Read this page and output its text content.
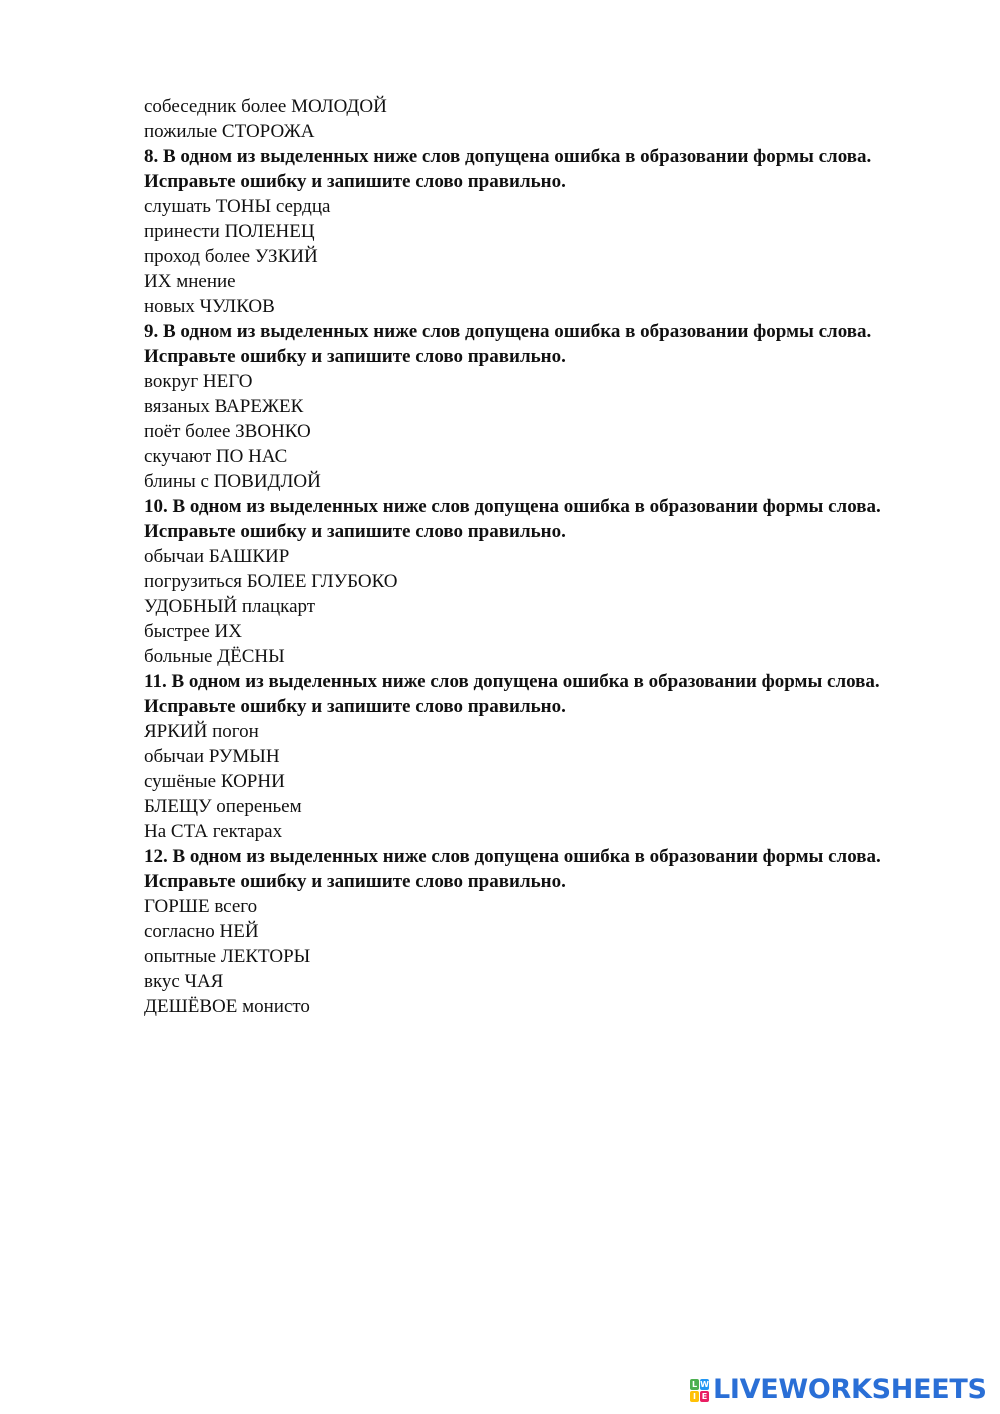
собеседник более МОЛОДОЙ
пожилые СТОРОЖА
8. В одном из выделенных ниже слов допущена ошибка в образовании формы слова.
Исправьте ошибку и запишите слово правильно.
слушать ТОНЫ сердца
принести ПОЛЕНЕЦ
проход более УЗКИЙ
ИХ мнение
новых ЧУЛКОВ
9. В одном из выделенных ниже слов допущена ошибка в образовании формы слова.
Исправьте ошибку и запишите слово правильно.
вокруг НЕГО
вязаных ВАРЕЖЕК
поёт более ЗВОНКО
скучают ПО НАС
блины с ПОВИДЛОЙ
10. В одном из выделенных ниже слов допущена ошибка в образовании формы слова.
Исправьте ошибку и запишите слово правильно.
обычаи БАШКИР
погрузиться БОЛЕЕ ГЛУБОКО
УДОБНЫЙ плацкарт
быстрее ИХ
больные ДЁСНЫ
11. В одном из выделенных ниже слов допущена ошибка в образовании формы слова.
Исправьте ошибку и запишите слово правильно.
ЯРКИЙ погон
обычаи РУМЫН
сушёные КОРНИ
БЛЕЩУ опереньем
На СТА гектарах
12. В одном из выделенных ниже слов допущена ошибка в образовании формы слова.
Исправьте ошибку и запишите слово правильно.
ГОРШЕ всего
согласно НЕЙ
опытные ЛЕКТОРЫ
вкус ЧАЯ
ДЕШЁВОЕ монисто
L W
I E LIVEWORKSHEETS
